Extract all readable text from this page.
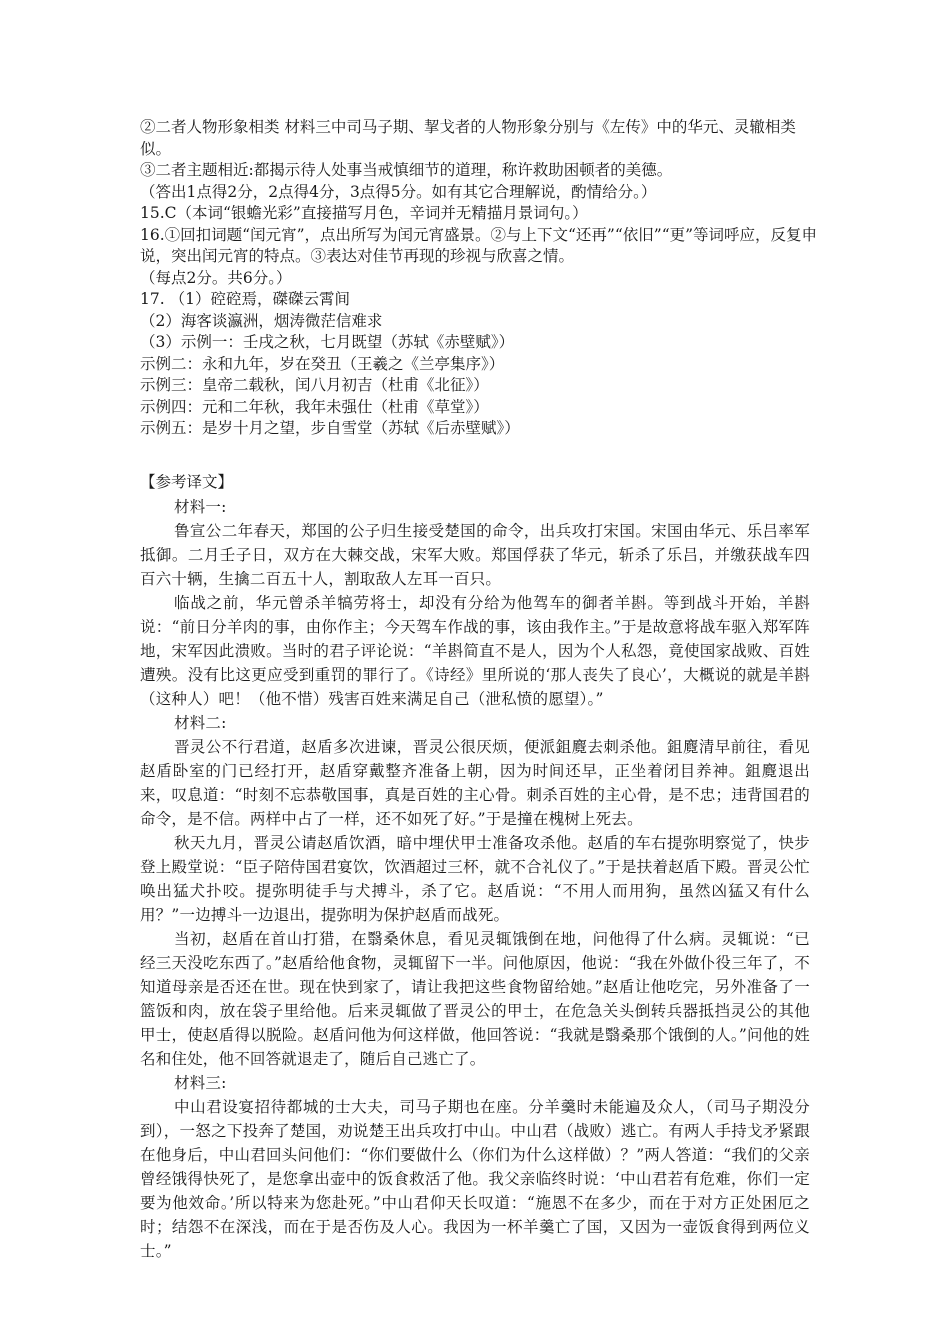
②二者人物形象相类 材料三中司马子期、挈戈者的人物形象分别与《左传》中的华元、灵辙相类似。

③二者主题相近:都揭示待人处事当戒慎细节的道理，称许救助困顿者的美德。

（答出1点得2分，2点得4分，3点得5分。如有其它合理解说，酌情给分。）

15.C（本词“银蟾光彩”直接描写月色，辛词并无精描月景词句。）

16.①回扣词题“闰元宵”，点出所写为闰元宵盛景。②与上下文“还再”“依旧”“更”等词呼应，反复申说，突出闰元宵的特点。③表达对佳节再现的珍视与欣喜之情。

（每点2分。共6分。）

17. （1）硿硿焉，磔磔云霄间

（2）海客谈瀛洲，烟涛微茫信难求

（3）示例一：壬戌之秋，七月既望（苏轼《赤壁赋》）

示例二：永和九年，岁在癸丑（王羲之《兰亭集序》）

示例三：皇帝二载秋，闰八月初吉（杜甫《北征》）

示例四：元和二年秋，我年未强仕（杜甫《草堂》）

示例五：是岁十月之望，步自雪堂（苏轼《后赤壁赋》）

【参考译文】

材料一:

鲁宣公二年春天，郑国的公子归生接受楚国的命令，出兵攻打宋国。宋国由华元、乐吕率军抵御。二月壬子日，双方在大棘交战，宋军大败。郑国俘获了华元，斩杀了乐吕，并缴获战车四百六十辆，生擒二百五十人，割取敌人左耳一百只。

临战之前，华元曾杀羊犒劳将士，却没有分给为他驾车的御者羊斟。等到战斗开始，羊斟说：“前日分羊肉的事，由你作主；今天驾车作战的事，该由我作主。”于是故意将战车驱入郑军阵地，宋军因此溃败。当时的君子评论说：“羊斟简直不是人，因为个人私怨，竟使国家战败、百姓遭殃。没有比这更应受到重罚的罪行了。《诗经》里所说的‘那人丧失了良心’，大概说的就是羊斟（这种人）吧！（他不惜）残害百姓来满足自己（泄私愤的愿望）。”

材料二:

晋灵公不行君道，赵盾多次进谏，晋灵公很厌烦，便派鉏麑去刺杀他。鉏麑清早前往，看见赵盾卧室的门已经打开，赵盾穿戴整齐准备上朝，因为时间还早，正坐着闭目养神。鉏麑退出来，叹息道：“时刻不忘恭敬国事，真是百姓的主心骨。刺杀百姓的主心骨，是不忠；违背国君的命令，是不信。两样中占了一样，还不如死了好。”于是撞在槐树上死去。

秋天九月，晋灵公请赵盾饮酒，暗中埋伏甲士准备攻杀他。赵盾的车右提弥明察觉了，快步登上殿堂说：“臣子陪侍国君宴饮，饮酒超过三杯，就不合礼仪了。”于是扶着赵盾下殿。晋灵公忙唤出猛犬扑咬。提弥明徒手与犬搏斗，杀了它。赵盾说：“不用人而用狗，虽然凶猛又有什么用？”一边搏斗一边退出，提弥明为保护赵盾而战死。

当初，赵盾在首山打猎，在翳桑休息，看见灵辄饿倒在地，问他得了什么病。灵辄说：“已经三天没吃东西了。”赵盾给他食物，灵辄留下一半。问他原因，他说：“我在外做仆役三年了，不知道母亲是否还在世。现在快到家了，请让我把这些食物留给她。”赵盾让他吃完，另外准备了一篮饭和肉，放在袋子里给他。后来灵辄做了晋灵公的甲士，在危急关头倒转兵器抵挡灵公的其他甲士，使赵盾得以脱险。赵盾问他为何这样做，他回答说：“我就是翳桑那个饿倒的人。”问他的姓名和住处，他不回答就退走了，随后自己逃亡了。

材料三:

中山君设宴招待都城的士大夫，司马子期也在座。分羊羹时未能遍及众人，（司马子期没分到），一怒之下投奔了楚国，劝说楚王出兵攻打中山。中山君（战败）逃亡。有两人手持戈矛紧跟在他身后，中山君回头问他们：“你们要做什么（你们为什么这样做）？”两人答道：“我们的父亲曾经饿得快死了，是您拿出壶中的饭食救活了他。我父亲临终时说：‘中山君若有危难，你们一定要为他效命。’所以特来为您赴死。”中山君仰天长叹道：“施恩不在多少，而在于对方正处困厄之时；结怨不在深浅，而在于是否伤及人心。我因为一杯羊羹亡了国，又因为一壶饭食得到两位义士。”
